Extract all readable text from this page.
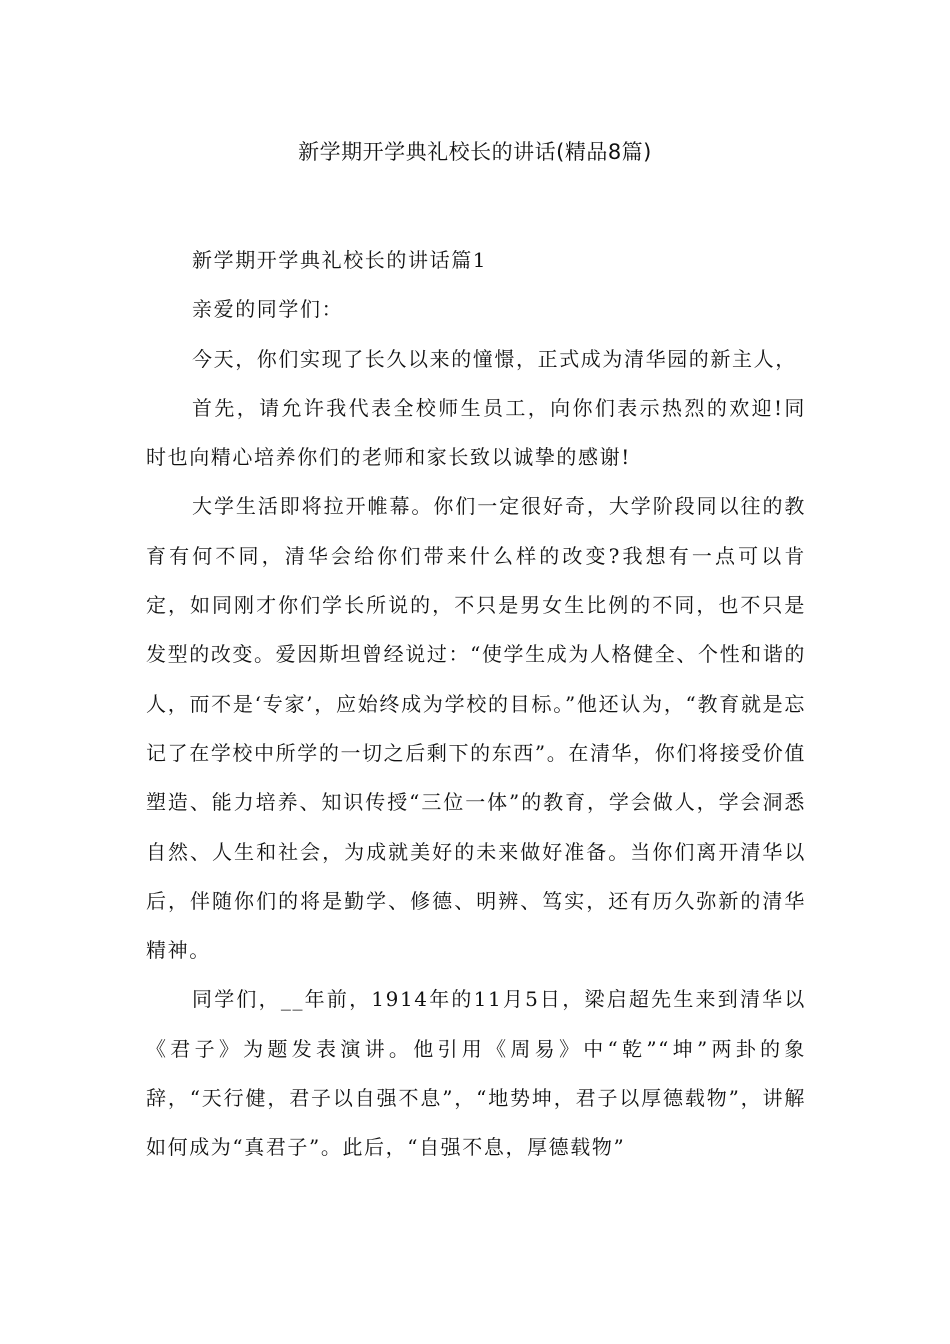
新学期开学典礼校长的讲话(精品8篇)

新学期开学典礼校长的讲话篇1

亲爱的同学们：

今天，你们实现了长久以来的憧憬，正式成为清华园的新主人，

首先，请允许我代表全校师生员工，向你们表示热烈的欢迎!同时也向精心培养你们的老师和家长致以诚挚的感谢!

大学生活即将拉开帷幕。你们一定很好奇，大学阶段同以往的教育有何不同，清华会给你们带来什么样的改变?我想有一点可以肯定，如同刚才你们学长所说的，不只是男女生比例的不同，也不只是发型的改变。爱因斯坦曾经说过：“使学生成为人格健全、个性和谐的人，而不是‘专家’，应始终成为学校的目标。”他还认为，“教育就是忘记了在学校中所学的一切之后剩下的东西”。在清华，你们将接受价值塑造、能力培养、知识传授“三位一体”的教育，学会做人，学会洞悉自然、人生和社会，为成就美好的未来做好准备。当你们离开清华以后，伴随你们的将是勤学、修德、明辨、笃实，还有历久弥新的清华精神。

同学们，__年前，1914年的11月5日，梁启超先生来到清华以《君子》为题发表演讲。他引用《周易》中“乾”“坤”两卦的象辞，“天行健，君子以自强不息”，“地势坤，君子以厚德载物”，讲解如何成为“真君子”。此后，“自强不息，厚德载物”
